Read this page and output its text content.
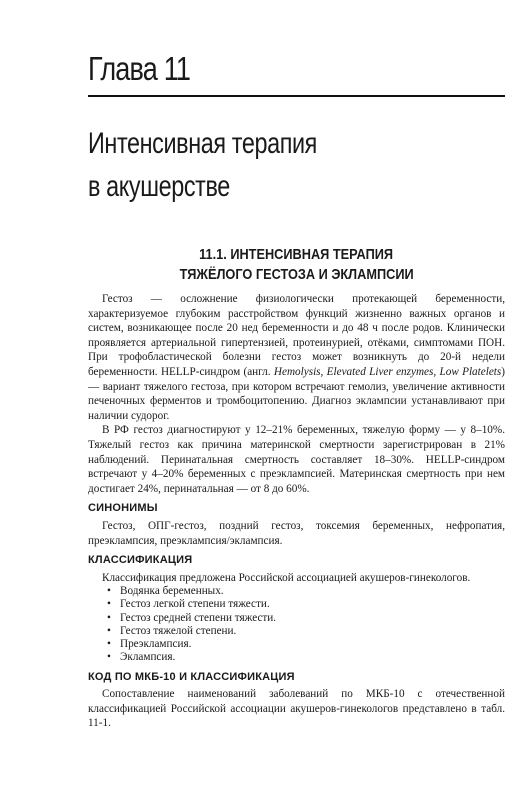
Глава 11
Интенсивная терапия
в акушерстве
11.1. ИНТЕНСИВНАЯ ТЕРАПИЯ
ТЯЖЁЛОГО ГЕСТОЗА И ЭКЛАМПСИИ

Гестоз — осложнение физиологически протекающей беременности, характеризуемое глубоким расстройством функций жизненно важных органов и систем, возникающее после 20 нед беременности и до 48 ч после родов. Клинически проявляется артериальной гипертензией, протеинурией, отёками, симптомами ПОН. При трофобластической болезни гестоз может возникнуть до 20-й недели беременности. HELLP-синдром (англ. Hemolysis, Elevated Liver enzymes, Low Platelets) — вариант тяжелого гестоза, при котором встречают гемолиз, увеличение активности печеночных ферментов и тромбоцитопению. Диагноз эклампсии устанавливают при наличии судорог.

В РФ гестоз диагностируют у 12–21% беременных, тяжелую форму — у 8–10%. Тяжелый гестоз как причина материнской смертности зарегистрирован в 21% наблюдений. Перинатальная смертность составляет 18–30%. HELLP-синдром встречают у 4–20% беременных с преэклампсией. Материнская смертность при нем достигает 24%, перинатальная — от 8 до 60%.

СИНОНИМЫ

Гестоз, ОПГ-гестоз, поздний гестоз, токсемия беременных, нефропатия, преэклампсия, преэклампсия/эклампсия.

КЛАССИФИКАЦИЯ

Классификация предложена Российской ассоциацией акушеров-гинекологов.

• Водянка беременных.
• Гестоз легкой степени тяжести.
• Гестоз средней степени тяжести.
• Гестоз тяжелой степени.
• Преэклампсия.
• Эклампсия.
КОД ПО МКБ-10 И КЛАССИФИКАЦИЯ

Сопоставление наименований заболеваний по МКБ-10 с отечественной классификацией Российской ассоциации акушеров-гинекологов представлено в табл. 11-1.
